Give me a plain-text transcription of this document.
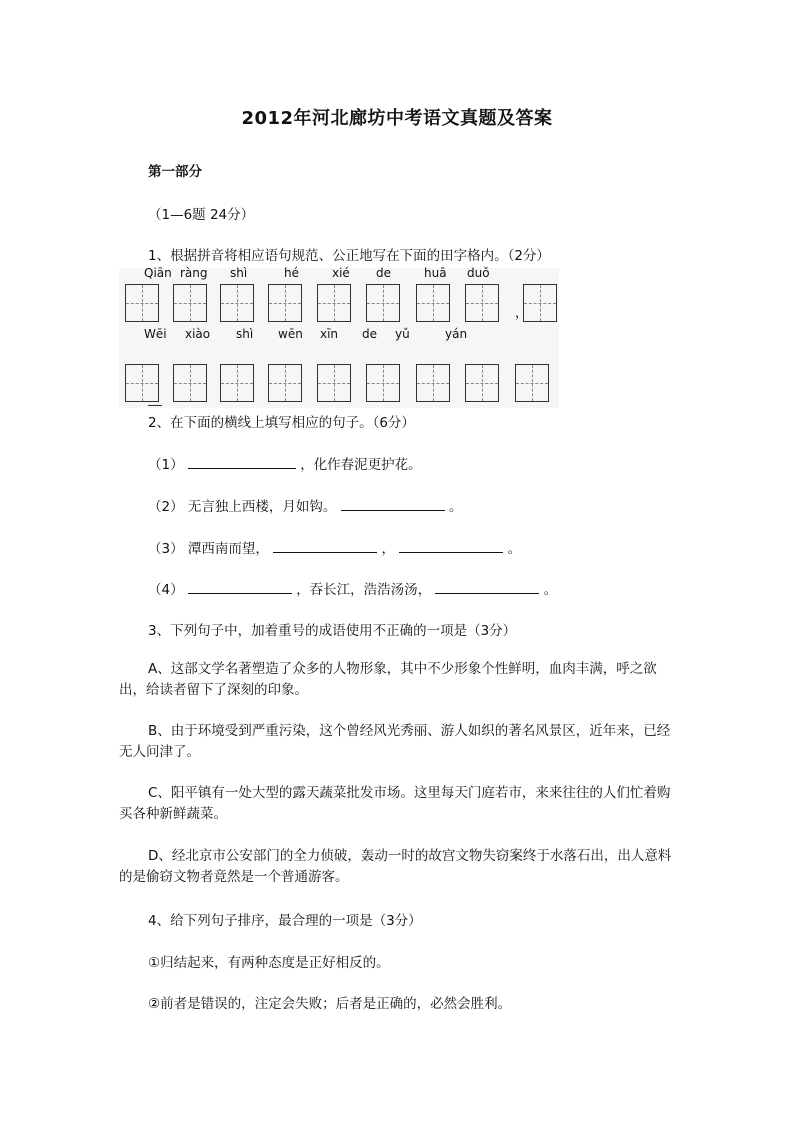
2012年河北廊坊中考语文真题及答案
第一部分
（1—6题 24分）
1、根据拼音将相应语句规范、公正地写在下面的田字格内。（2分）
Qiān ràng shì	hé	xié de	huā duǒ
，
Wēi xiào shì wēn xīn de yǔ	yán
2、在下面的横线上填写相应的句子。（6分）
（1）	，化作春泥更护花。
（2） 无言独上西楼，月如钩。	。
（3） 潭西南而望，	，	。
（4）	，吞长江，浩浩汤汤，	。
3、下列句子中，加着重号的成语使用不正确的一项是（3分）
A、这部文学名著塑造了众多的人物形象，其中不少形象个性鲜明，血肉丰满，呼之欲出，给读者留下了深刻的印象。
B、由于环境受到严重污染，这个曾经风光秀丽、游人如织的著名风景区，近年来，已经无人问津了。
C、阳平镇有一处大型的露天蔬菜批发市场。这里每天门庭若市，来来往往的人们忙着购买各种新鲜蔬菜。
D、经北京市公安部门的全力侦破，轰动一时的故宫文物失窃案终于水落石出，出人意料的是偷窃文物者竟然是一个普通游客。
4、给下列句子排序，最合理的一项是（3分）
①归结起来，有两种态度是正好相反的。
②前者是错误的，注定会失败；后者是正确的，必然会胜利。
